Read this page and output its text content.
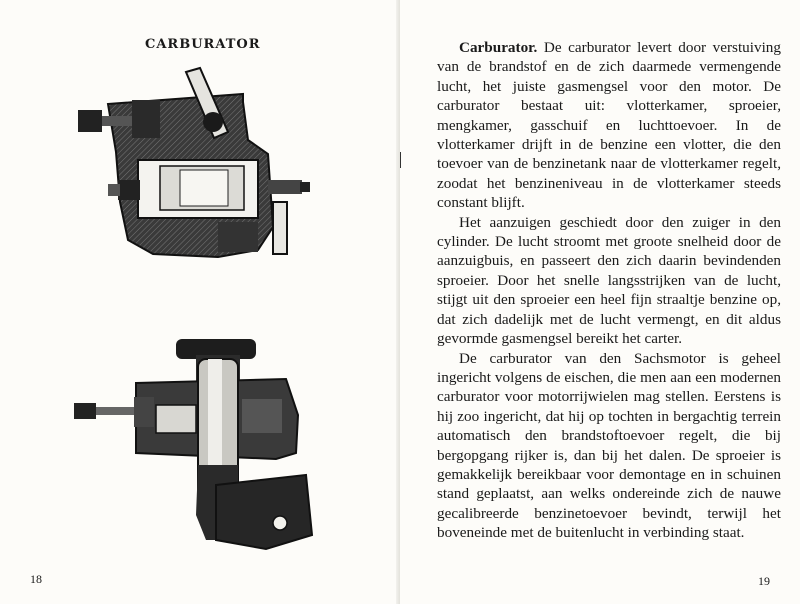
CARBURATOR
18

Carburator. De carburator levert door verstuiving van de brandstof en de zich daarmede vermengende lucht, het juiste gasmengsel voor den motor. De carburator bestaat uit: vlotterkamer, sproeier, mengkamer, gasschuif en luchttoevoer. In de vlotterkamer drijft in de benzine een vlotter, die den toevoer van de benzinetank naar de vlotterkamer regelt, zoodat het benzineniveau in de vlotterkamer steeds constant blijft.

Het aanzuigen geschiedt door den zuiger in den cylinder. De lucht stroomt met groote snelheid door de aanzuigbuis, en passeert den zich daarin bevindenden sproeier. Door het snelle langsstrijken van de lucht, stijgt uit den sproeier een heel fijn straaltje benzine op, dat zich dadelijk met de lucht vermengt, en dit aldus gevormde gasmengsel bereikt het carter.

De carburator van den Sachsmotor is geheel ingericht volgens de eischen, die men aan een modernen carburator voor motorrijwielen mag stellen. Eerstens is hij zoo ingericht, dat hij op tochten in bergachtig terrein automatisch den brandstoftoevoer regelt, die bij bergopgang rijker is, dan bij het dalen. De sproeier is gemakkelijk bereikbaar voor demontage en in schuinen stand geplaatst, aan welks ondereinde zich de nauwe gecalibreerde benzinetoevoer bevindt, terwijl het boveneinde met de buitenlucht in verbinding staat.

19
